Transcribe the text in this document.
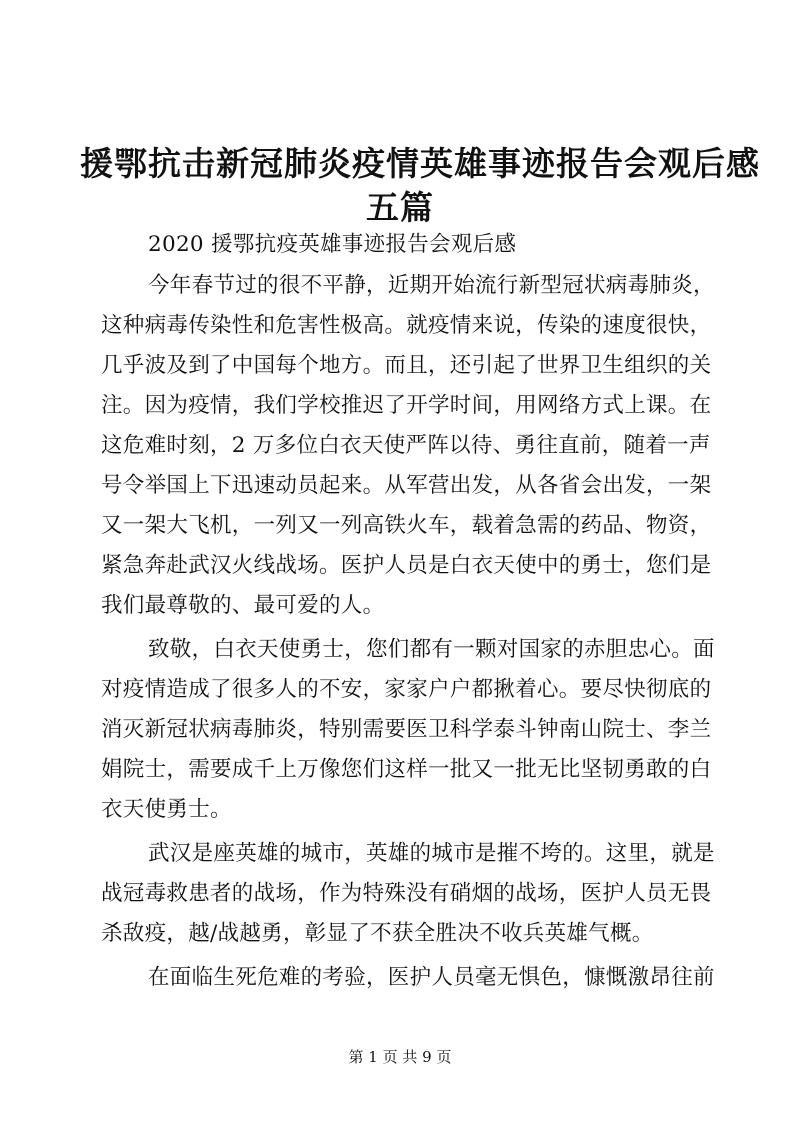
援鄂抗击新冠肺炎疫情英雄事迹报告会观后感
五篇
2020 援鄂抗疫英雄事迹报告会观后感
今年春节过的很不平静，近期开始流行新型冠状病毒肺炎，
这种病毒传染性和危害性极高。就疫情来说，传染的速度很快，
几乎波及到了中国每个地方。而且，还引起了世界卫生组织的关
注。因为疫情，我们学校推迟了开学时间，用网络方式上课。在
这危难时刻，2 万多位白衣天使严阵以待、勇往直前，随着一声
号令举国上下迅速动员起来。从军营出发，从各省会出发，一架
又一架大飞机，一列又一列高铁火车，载着急需的药品、物资，
紧急奔赴武汉火线战场。医护人员是白衣天使中的勇士，您们是
我们最尊敬的、最可爱的人。
致敬，白衣天使勇士，您们都有一颗对国家的赤胆忠心。面
对疫情造成了很多人的不安，家家户户都揪着心。要尽快彻底的
消灭新冠状病毒肺炎，特别需要医卫科学泰斗钟南山院士、李兰
娟院士，需要成千上万像您们这样一批又一批无比坚韧勇敢的白
衣天使勇士。
武汉是座英雄的城市，英雄的城市是摧不垮的。这里，就是
战冠毒救患者的战场，作为特殊没有硝烟的战场，医护人员无畏
杀敌疫，越/战越勇，彰显了不获全胜决不收兵英雄气概。
在面临生死危难的考验，医护人员毫无惧色，慷慨激昂往前
第 1 页 共 9 页
